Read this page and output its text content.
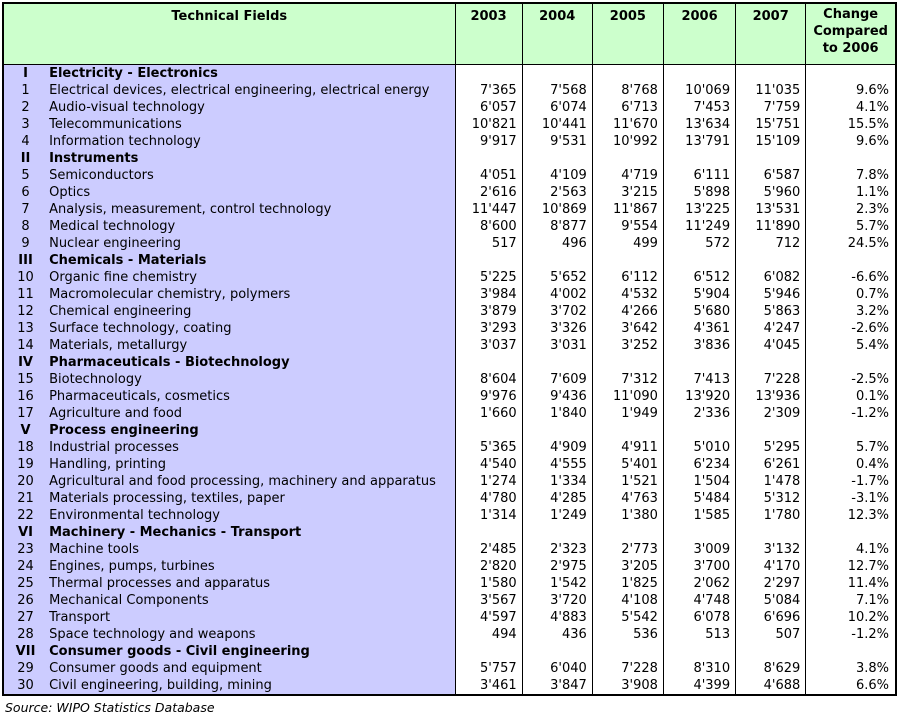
Technical Fields		2003	2004	2005	2006	2007	Change Compared to 2006
I	Electricity - Electronics						
1	Electrical devices, electrical engineering, electrical energy	7'365	7'568	8'768	10'069	11'035	9.6%
2	Audio-visual technology	6'057	6'074	6'713	7'453	7'759	4.1%
3	Telecommunications	10'821	10'441	11'670	13'634	15'751	15.5%
4	Information technology	9'917	9'531	10'992	13'791	15'109	9.6%
II	Instruments						
5	Semiconductors	4'051	4'109	4'719	6'111	6'587	7.8%
6	Optics	2'616	2'563	3'215	5'898	5'960	1.1%
7	Analysis, measurement, control technology	11'447	10'869	11'867	13'225	13'531	2.3%
8	Medical technology	8'600	8'877	9'554	11'249	11'890	5.7%
9	Nuclear engineering	517	496	499	572	712	24.5%
III	Chemicals - Materials						
10	Organic fine chemistry	5'225	5'652	6'112	6'512	6'082	-6.6%
11	Macromolecular chemistry, polymers	3'984	4'002	4'532	5'904	5'946	0.7%
12	Chemical engineering	3'879	3'702	4'266	5'680	5'863	3.2%
13	Surface technology, coating	3'293	3'326	3'642	4'361	4'247	-2.6%
14	Materials, metallurgy	3'037	3'031	3'252	3'836	4'045	5.4%
IV	Pharmaceuticals - Biotechnology						
15	Biotechnology	8'604	7'609	7'312	7'413	7'228	-2.5%
16	Pharmaceuticals, cosmetics	9'976	9'436	11'090	13'920	13'936	0.1%
17	Agriculture and food	1'660	1'840	1'949	2'336	2'309	-1.2%
V	Process engineering						
18	Industrial processes	5'365	4'909	4'911	5'010	5'295	5.7%
19	Handling, printing	4'540	4'555	5'401	6'234	6'261	0.4%
20	Agricultural and food processing, machinery and apparatus	1'274	1'334	1'521	1'504	1'478	-1.7%
21	Materials processing, textiles, paper	4'780	4'285	4'763	5'484	5'312	-3.1%
22	Environmental technology	1'314	1'249	1'380	1'585	1'780	12.3%
VI	Machinery - Mechanics - Transport						
23	Machine tools	2'485	2'323	2'773	3'009	3'132	4.1%
24	Engines, pumps, turbines	2'820	2'975	3'205	3'700	4'170	12.7%
25	Thermal processes and apparatus	1'580	1'542	1'825	2'062	2'297	11.4%
26	Mechanical Components	3'567	3'720	4'108	4'748	5'084	7.1%
27	Transport	4'597	4'883	5'542	6'078	6'696	10.2%
28	Space technology and weapons	494	436	536	513	507	-1.2%
VII	Consumer goods - Civil engineering						
29	Consumer goods and equipment	5'757	6'040	7'228	8'310	8'629	3.8%
30	Civil engineering, building, mining	3'461	3'847	3'908	4'399	4'688	6.6%
Source: WIPO Statistics Database
